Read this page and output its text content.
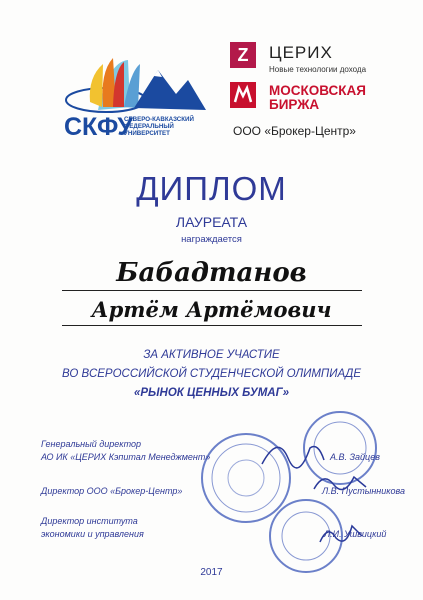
СКФУ
СЕВЕРО-КАВКАЗСКИЙ
ФЕДЕРАЛЬНЫЙ
УНИВЕРСИТЕТ
Z	ЦЕРИХ
Новые технологии дохода
МОСКОВСКАЯ
БИРЖА
ООО «Брокер-Центр»
ДИПЛОМ
ЛАУРЕАТА
награждается
Бабадтанов
Артём Артёмович
ЗА АКТИВНОЕ УЧАСТИЕ
ВО ВСЕРОССИЙСКОЙ СТУДЕНЧЕСКОЙ ОЛИМПИАДЕ
«РЫНОК ЦЕННЫХ БУМАГ»
Генеральный директор
АО ИК «ЦЕРИХ Кэпитал Менеджмент»	А.В. Зайцев
Директор ООО «Брокер-Центр»	Л.В. Пустынникова
Директор института
экономики и управления	Л.И. Ушвицкий
2017
